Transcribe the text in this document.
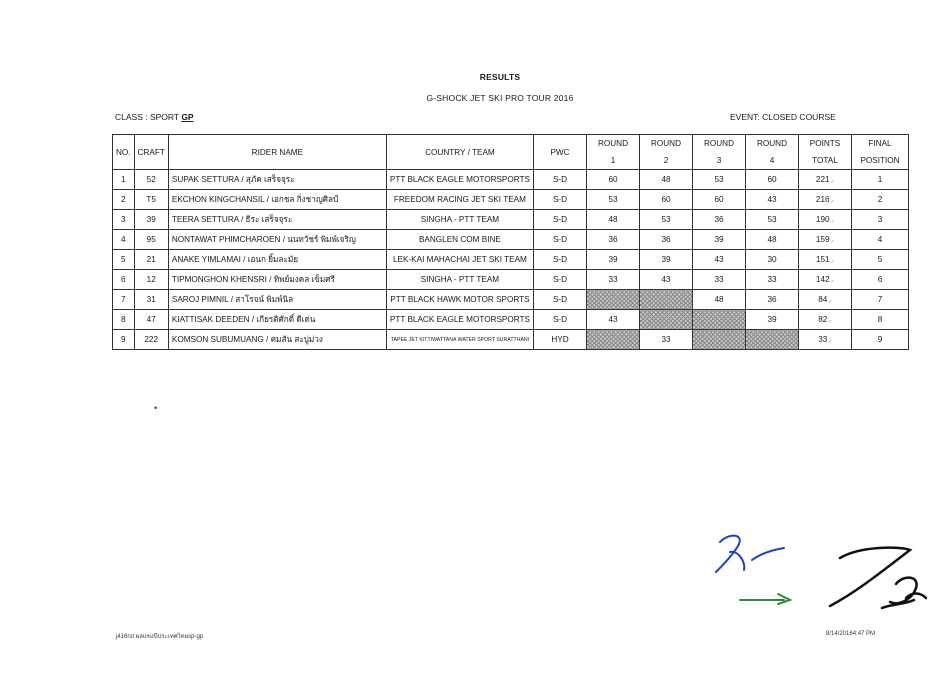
RESULTS
G-SHOCK JET SKI PRO TOUR 2016
CLASS : SPORT GP	EVENT: CLOSED COURSE
NO.	CRAFT	RIDER NAME	COUNTRY / TEAM	PWC	ROUND	ROUND	ROUND	ROUND	POINTS	FINAL
					1	2	3	4	TOTAL	POSITION
1	52	SUPAK SETTURA / สุภัค เสร็จจุระ	PTT BLACK EAGLE MOTORSPORTS	S-D	60	48	53	60	221⸝	1
2	T5	EKCHON KINGCHANSIL / เอกชล กิ่งชาญศิลป์	FREEDOM RACING JET SKI TEAM	S-D	53	60	60	43	216⸝	2
3	39	TEERA SETTURA / ธีระ เสร็จจุระ	SINGHA - PTT TEAM	S-D	48	53	36	53	190⸝	3
4	95	NONTAWAT PHIMCHAROEN / นนทวัชร์ พิมพ์เจริญ	BANGLEN COM BINE	S-D	36	36	39	48	159⸝	4
5	21	ANAKE YIMLAMAI / เอนก ยิ้มละมัย	LEK-KAI MAHACHAI JET SKI TEAM	S-D	39	39	43	30	151⸝	5
6	12	TIPMONGHON KHENSRI / ทิพย์มงคล เข็มศรี	SINGHA - PTT TEAM	S-D	33	43	33	33	142⸝	6
7	31	SAROJ PIMNIL / สาโรจน์ พิมพ์นิล	PTT BLACK HAWK MOTOR SPORTS	S-D			48	36	84⸝	7
8	47	KIATTISAK DEEDEN / เกียรติศักดิ์ ดีเด่น	PTT BLACK EAGLE MOTORSPORTS	S-D	43			39	82⸝	8
9	222	KOMSON SUBUMUANG / คมสัน สะบู่ม่วง	TAPEE JET KITTIWATTANA WATER SPORT SURATTHANI	HYD		33			33⸝	9
•
j416rst ผลแข่งปีประเทศไทยsp-gp	8/14/20164:47 PM
